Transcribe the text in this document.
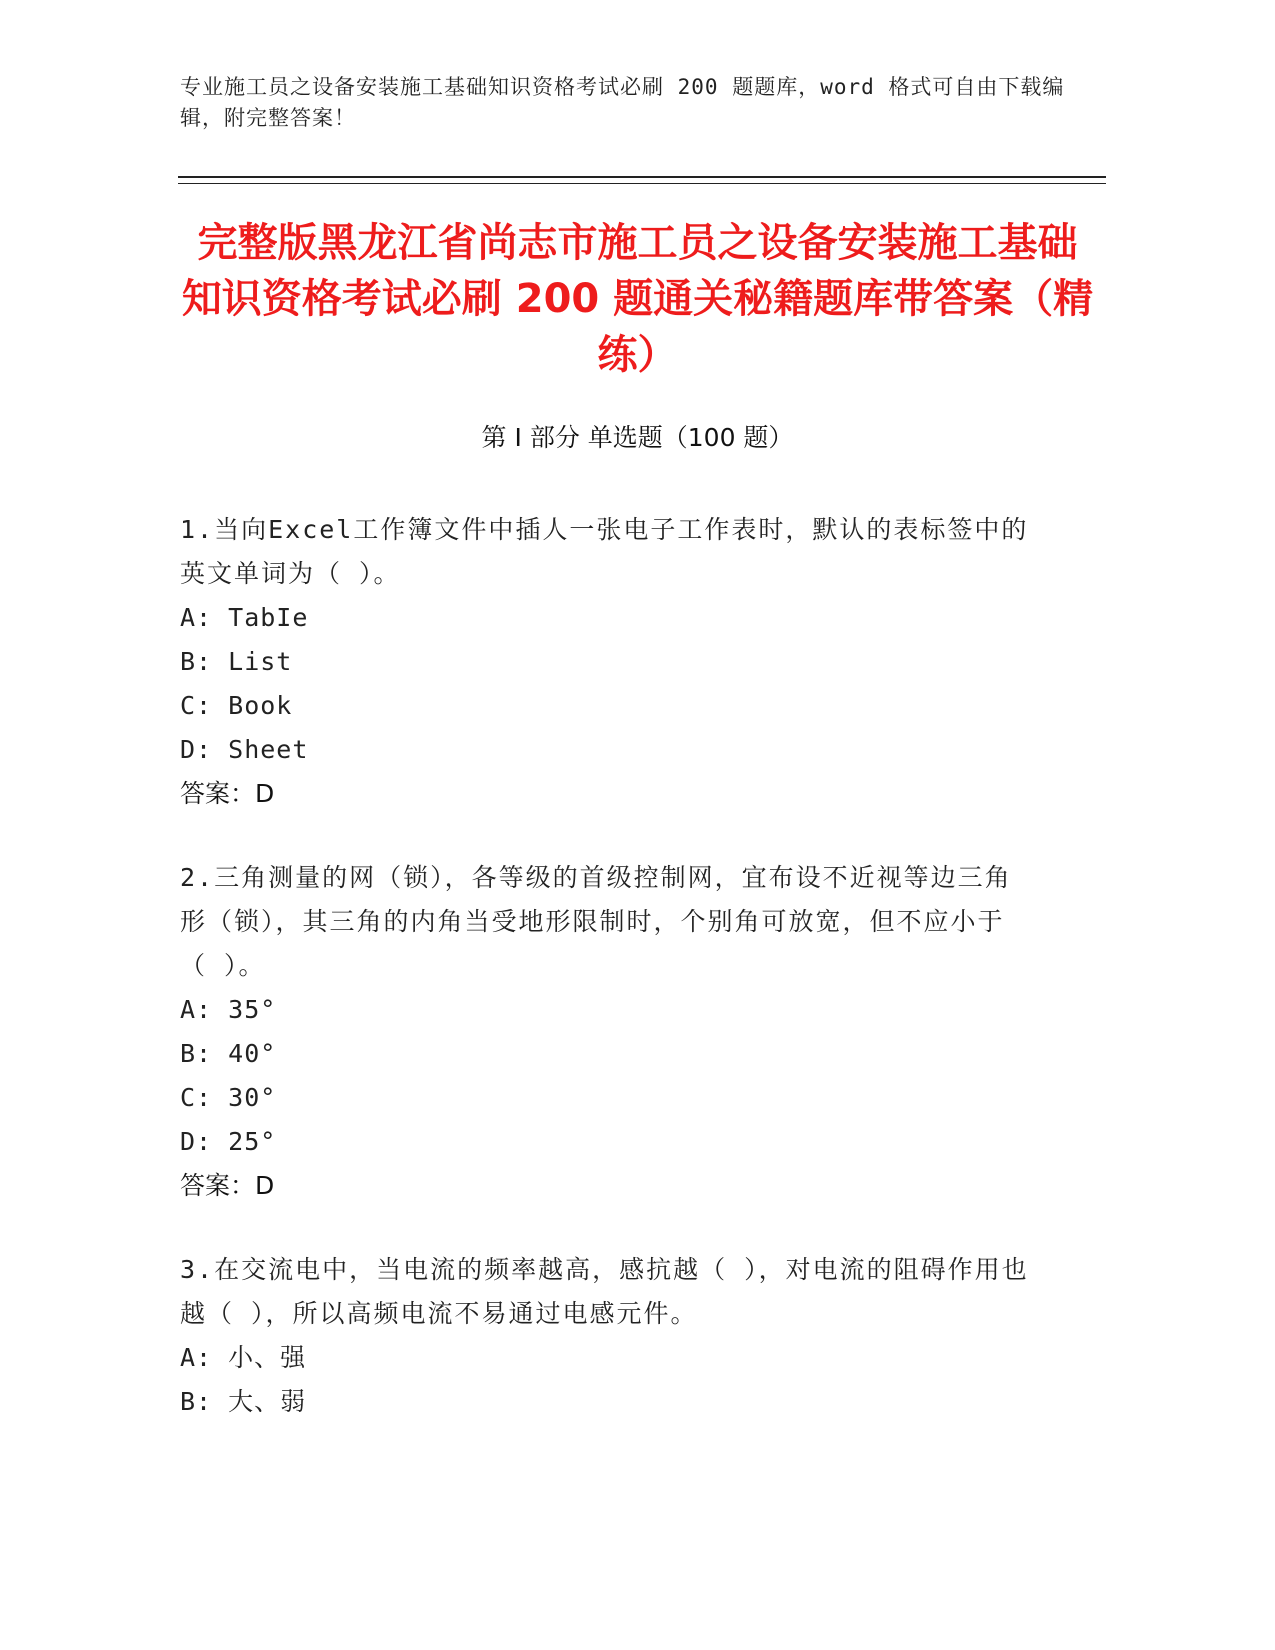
专业施工员之设备安装施工基础知识资格考试必刷 200 题题库，word 格式可自由下载编辑，附完整答案！
完整版黑龙江省尚志市施工员之设备安装施工基础知识资格考试必刷 200 题通关秘籍题库带答案（精练）
第 I 部分 单选题（100 题）
1.当向Excel工作簿文件中插人一张电子工作表时，默认的表标签中的英文单词为（ ）。
A: TabIe
B: List
C: Book
D: Sheet
答案：D
2.三角测量的网（锁），各等级的首级控制网，宜布设不近视等边三角形（锁），其三角的内角当受地形限制时，个别角可放宽，但不应小于（ ）。
A: 35°
B: 40°
C: 30°
D: 25°
答案：D
3.在交流电中，当电流的频率越高，感抗越（ ），对电流的阻碍作用也越（ ），所以高频电流不易通过电感元件。
A: 小、强
B: 大、弱
